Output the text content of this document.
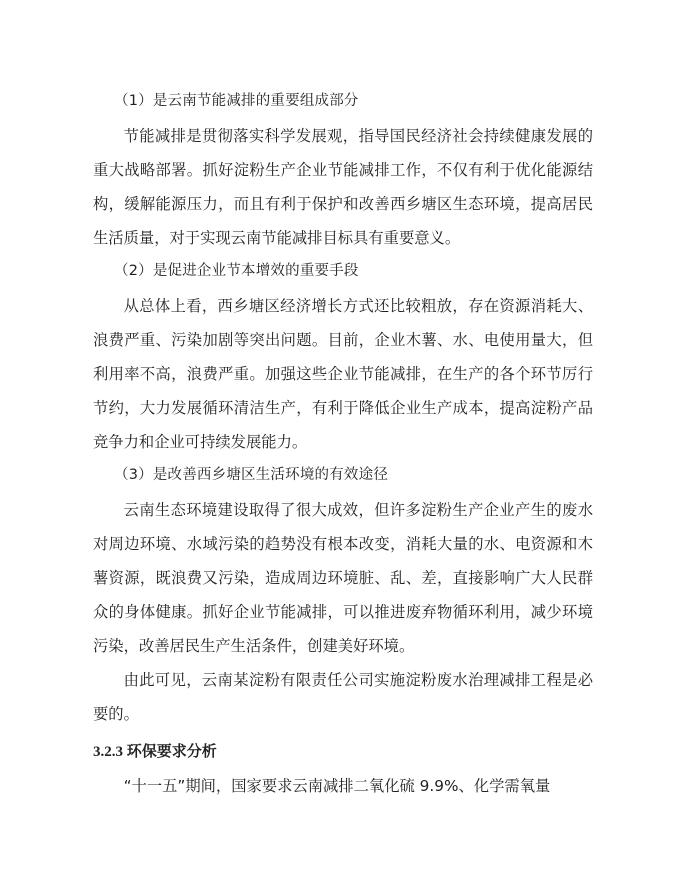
（1）是云南节能减排的重要组成部分

节能减排是贯彻落实科学发展观，指导国民经济社会持续健康发展的重大战略部署。抓好淀粉生产企业节能减排工作，不仅有利于优化能源结构，缓解能源压力，而且有利于保护和改善西乡塘区生态环境，提高居民生活质量，对于实现云南节能减排目标具有重要意义。

（2）是促进企业节本增效的重要手段

从总体上看，西乡塘区经济增长方式还比较粗放，存在资源消耗大、浪费严重、污染加剧等突出问题。目前，企业木薯、水、电使用量大，但利用率不高，浪费严重。加强这些企业节能减排，在生产的各个环节厉行节约，大力发展循环清洁生产，有利于降低企业生产成本，提高淀粉产品竞争力和企业可持续发展能力。

（3）是改善西乡塘区生活环境的有效途径

云南生态环境建设取得了很大成效，但许多淀粉生产企业产生的废水对周边环境、水域污染的趋势没有根本改变，消耗大量的水、电资源和木薯资源，既浪费又污染，造成周边环境脏、乱、差，直接影响广大人民群众的身体健康。抓好企业节能减排，可以推进废弃物循环利用，减少环境污染，改善居民生产生活条件，创建美好环境。

由此可见，云南某淀粉有限责任公司实施淀粉废水治理减排工程是必要的。

3.2.3 环保要求分析

“十一五”期间，国家要求云南减排二氧化硫 9.9%、化学需氧量
